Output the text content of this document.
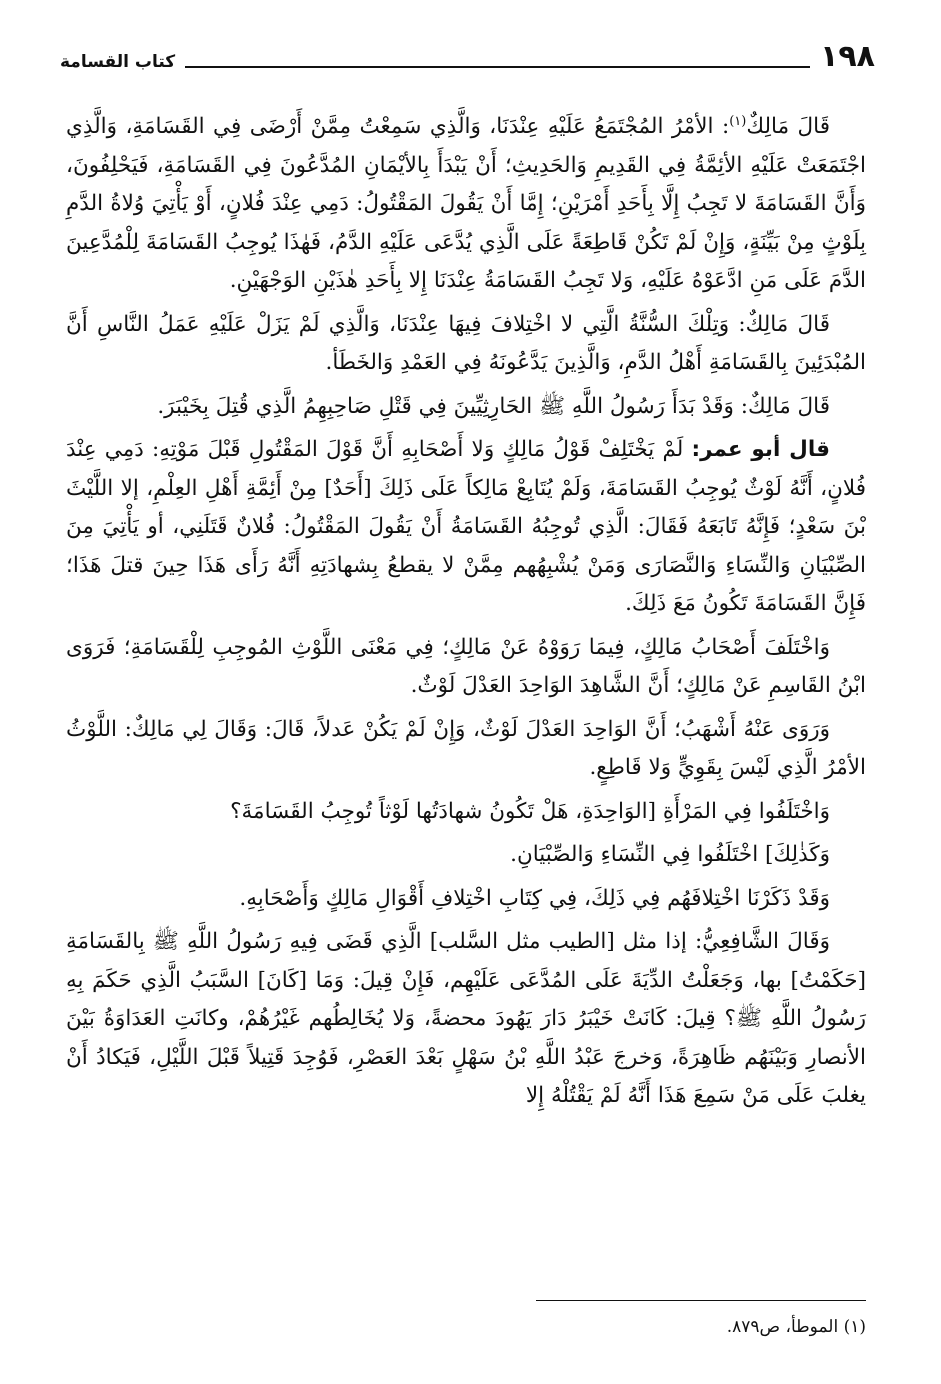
١٩٨
كتاب القسامة

قَالَ مَالِكٌ$^{(١)}$: الأمْرُ المُجْتَمَعُ عَلَيْهِ عِنْدَنَا، وَالَّذِي سَمِعْتُ مِمَّنْ أَرْضَى فِي القَسَامَةِ، وَالَّذِي اجْتَمَعَتْ عَلَيْهِ الأئِمَّةُ فِي القَدِيمِ وَالحَدِيثِ؛ أَنْ يَبْدَأَ بِالأيْمَانِ المُدَّعُونَ فِي القَسَامَةِ، فَيَحْلِفُونَ، وَأَنَّ القَسَامَةَ لا تَجِبُ إِلَّا بِأَحَدِ أَمْرَيْنِ؛ إِمَّا أَنْ يَقُولَ المَقْتُولُ: دَمِي عِنْدَ فُلانٍ، أَوْ يَأْتِيَ وُلاةُ الدَّمِ بِلَوْثٍ مِنْ بَيِّنَةٍ، وَإِنْ لَمْ تَكُنْ قَاطِعَةً عَلَى الَّذِي يُدَّعَى عَلَيْهِ الدَّمُ، فَهٰذَا يُوجِبُ القَسَامَةَ لِلْمُدَّعِينَ الدَّمَ عَلَى مَنِ ادَّعَوْهُ عَلَيْهِ، وَلا تَجِبُ القَسَامَةُ عِنْدَنَا إِلا بِأَحَدِ هٰذَيْنِ الوَجْهَيْنِ.

قَالَ مَالِكٌ: وَتِلْكَ السُّنَّةُ الَّتِي لا اخْتِلافَ فِيهَا عِنْدَنَا، وَالَّذِي لَمْ يَزَلْ عَلَيْهِ عَمَلُ النَّاسِ أَنَّ المُبْدَئِينَ بِالقَسَامَةِ أَهْلُ الدَّمِ، وَالَّذِينَ يَدَّعُونَهُ فِي العَمْدِ وَالخَطَأ.

قَالَ مَالِكٌ: وَقَدْ بَدَأَ رَسُولُ اللَّهِ ﷺ الحَارِثِيِّينَ فِي قَتْلِ صَاحِبِهِمُ الَّذِي قُتِلَ بِخَيْبَرَ.

قال أبو عمر: لَمْ يَخْتَلِفْ قَوْلُ مَالِكٍ وَلا أَصْحَابِهِ أَنَّ قَوْلَ المَقْتُولِ قَبْلَ مَوْتِهِ: دَمِي عِنْدَ فُلانٍ، أَنَّهُ لَوْثٌ يُوجِبُ القَسَامَةَ، وَلَمْ يُتَابِعْ مَالِكاً عَلَى ذَلِكَ [أَحَدٌ] مِنْ أَئِمَّةِ أَهْلِ العِلْمِ، إلا اللَّيْثَ بْنَ سَعْدٍ؛ فَإِنَّهُ تَابَعَهُ فَقَالَ: الَّذِي تُوجِبُهُ القَسَامَةُ أَنْ يَقُولَ المَقْتُولُ: فُلانٌ قَتَلَنِي، أو يَأْتِيَ مِنَ الصِّبْيَانِ وَالنِّسَاءِ وَالنَّصَارَى وَمَنْ يُشْبِهُهم مِمَّنْ لا يقطعُ بِشهادَتِهِ أَنَّهُ رَأَى هَذَا حِينَ قتلَ هَذَا؛ فَإِنَّ القَسَامَةَ تَكُونُ مَعَ ذَلِكَ.

وَاخْتَلَفَ أَصْحَابُ مَالِكٍ، فِيمَا رَوَوْهُ عَنْ مَالِكٍ؛ فِي مَعْنَى اللَّوْثِ المُوجِبِ لِلْقَسَامَةِ؛ فَرَوَى ابْنُ القَاسِمِ عَنْ مَالِكٍ؛ أَنَّ الشَّاهِدَ الوَاحِدَ العَدْلَ لَوْثٌ.

وَرَوَى عَنْهُ أَشْهَبُ؛ أَنَّ الوَاحِدَ العَدْلَ لَوْثٌ، وَإِنْ لَمْ يَكُنْ عَدلاً، قَالَ: وَقَالَ لِي مَالِكٌ: اللَّوْثُ الأمْرُ الَّذِي لَيْسَ بِقَوِيٍّ وَلا قَاطِعٍ.

وَاخْتَلَفُوا فِي المَرْأَةِ [الوَاحِدَةِ، هَلْ تَكُونُ شهادَتُها لَوْثاً تُوجِبُ القَسَامَةَ؟

وَكَذٰلِكَ] اخْتَلَفُوا فِي النِّسَاءِ وَالصِّبْيَانِ.

وَقَدْ ذَكَرْنَا اخْتِلافَهُم فِي ذَلِكَ، فِي كِتَابِ اخْتِلافِ أَقْوَالِ مَالِكٍ وَأَصْحَابِهِ.

وَقَالَ الشَّافِعِيُّ: إذا مثل [الطيب مثل السَّلب] الَّذِي قَضَى فِيهِ رَسُولُ اللَّهِ ﷺ بِالقَسَامَةِ [حَكَمْتُ] بها، وَجَعَلْتُ الدِّيَةَ عَلَى المُدَّعَى عَلَيْهِم، فَإِنْ قِيلَ: وَمَا [كَانَ] السَّبَبُ الَّذِي حَكَمَ بِهِ رَسُولُ اللَّهِ ﷺ؟ قِيلَ: كَانَتْ خَيْبَرُ دَارَ يَهُودَ محضةً، وَلا يُخَالِطُهم غَيْرُهُمْ، وكانَتِ العَدَاوَةُ بَيْنَ الأنصارِ وَبَيْنَهُم ظَاهِرَةً، وَخرجَ عَبْدُ اللَّهِ بْنُ سَهْلٍ بَعْدَ العَصْرِ، فَوُجِدَ قَتِيلاً قَبْلَ اللَّيْلِ، فَيَكادُ أَنْ يغلبَ عَلَى مَنْ سَمِعَ هَذَا أَنَّهُ لَمْ يَقْتُلْهُ إِلا

(١) الموطأ، ص٨٧٩.
